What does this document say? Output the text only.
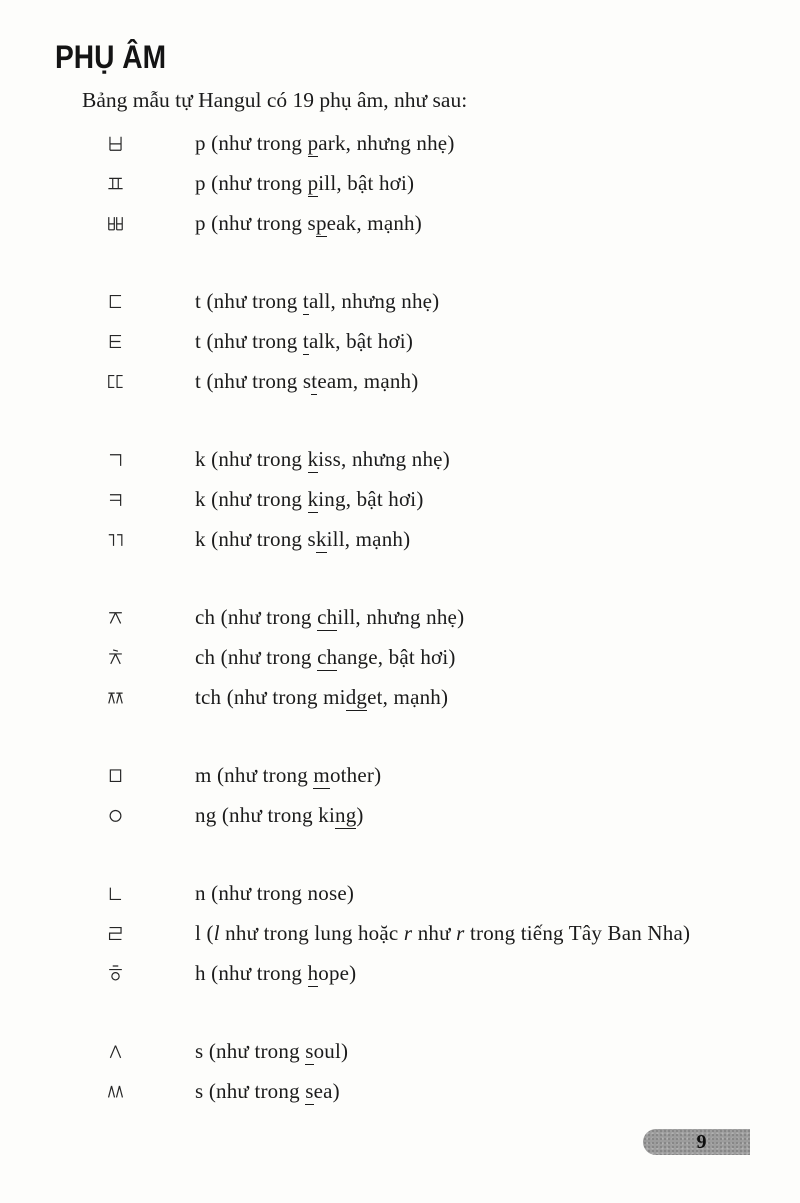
PHỤ ÂM

Bảng mẫu tự Hangul có 19 phụ âm, như sau:

p (như trong park, nhưng nhẹ)
p (như trong pill, bật hơi)
p (như trong speak, mạnh)
t (như trong tall, nhưng nhẹ)
t (như trong talk, bật hơi)
t (như trong steam, mạnh)
k (như trong kiss, nhưng nhẹ)
k (như trong king, bật hơi)
k (như trong skill, mạnh)
ch (như trong chill, nhưng nhẹ)
ch (như trong change, bật hơi)
tch (như trong midget, mạnh)
m (như trong mother)
ng (như trong king)
n (như trong nose)
l (l như trong lung hoặc r như r trong tiếng Tây Ban Nha)
h (như trong hope)
s (như trong soul)
s (như trong sea)
9
